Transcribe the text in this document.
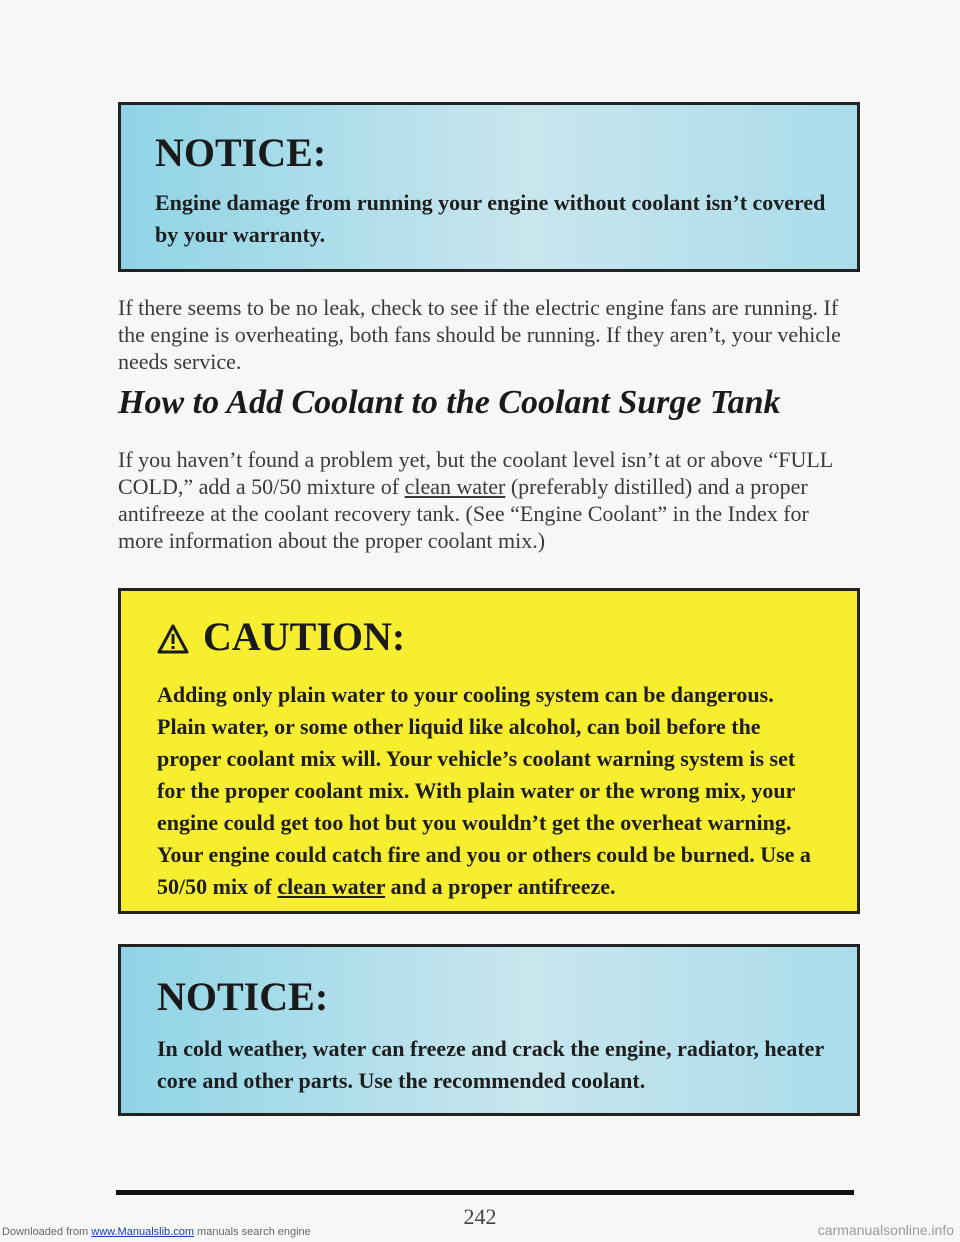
NOTICE:
Engine damage from running your engine without coolant isn’t covered by your warranty.

If there seems to be no leak, check to see if the electric engine fans are running. If the engine is overheating, both fans should be running. If they aren’t, your vehicle needs service.

How to Add Coolant to the Coolant Surge Tank

If you haven’t found a problem yet, but the coolant level isn’t at or above “FULL COLD,” add a 50/50 mixture of clean water (preferably distilled) and a proper antifreeze at the coolant recovery tank. (See “Engine Coolant” in the Index for more information about the proper coolant mix.)

CAUTION:
Adding only plain water to your cooling system can be dangerous. Plain water, or some other liquid like alcohol, can boil before the proper coolant mix will. Your vehicle’s coolant warning system is set for the proper coolant mix. With plain water or the wrong mix, your engine could get too hot but you wouldn’t get the overheat warning. Your engine could catch fire and you or others could be burned. Use a 50/50 mix of clean water and a proper antifreeze.
NOTICE:
In cold weather, water can freeze and crack the engine, radiator, heater core and other parts. Use the recommended coolant.
242
Downloaded from www.Manualslib.com manuals search engine	carmanualsonline.info
